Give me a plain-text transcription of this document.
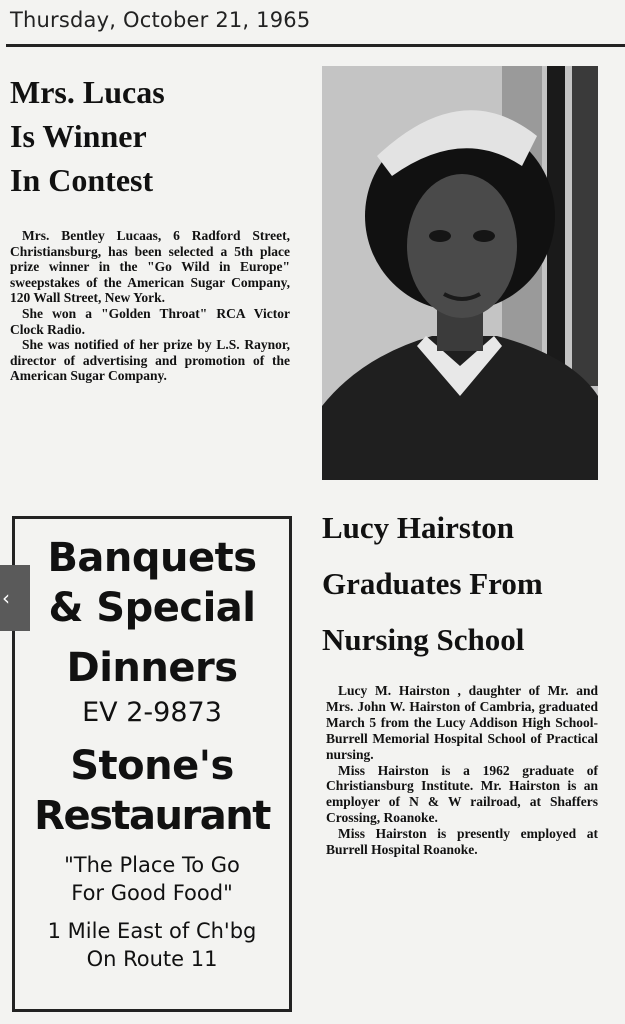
Thursday, October 21, 1965
Mrs. Lucas
Is Winner
In Contest

Mrs. Bentley Lucaas, 6 Radford Street, Christiansburg, has been selected a 5th place prize winner in the "Go Wild in Europe" sweepstakes of the American Sugar Company, 120 Wall Street, New York.

She won a "Golden Throat" RCA Victor Clock Radio.

She was notified of her prize by L.S. Raynor, director of advertising and promotion of the American Sugar Company.

Banquets
& Special
Dinners
EV 2-9873
Stone's
Restaurant
"The Place To Go
For Good Food"
1 Mile East of Ch'bg
On Route 11
Lucy Hairston
Graduates From
Nursing School

Lucy M. Hairston , daughter of Mr. and Mrs. John W. Hairston of Cambria, graduated March 5 from the Lucy Addison High School-Burrell Memorial Hospital School of Practical nursing.

Miss Hairston is a 1962 graduate of Christiansburg Institute. Mr. Hairston is an employer of N & W railroad, at Shaffers Crossing, Roanoke.

Miss Hairston is presently employed at Burrell Hospital Roanoke.

‹
